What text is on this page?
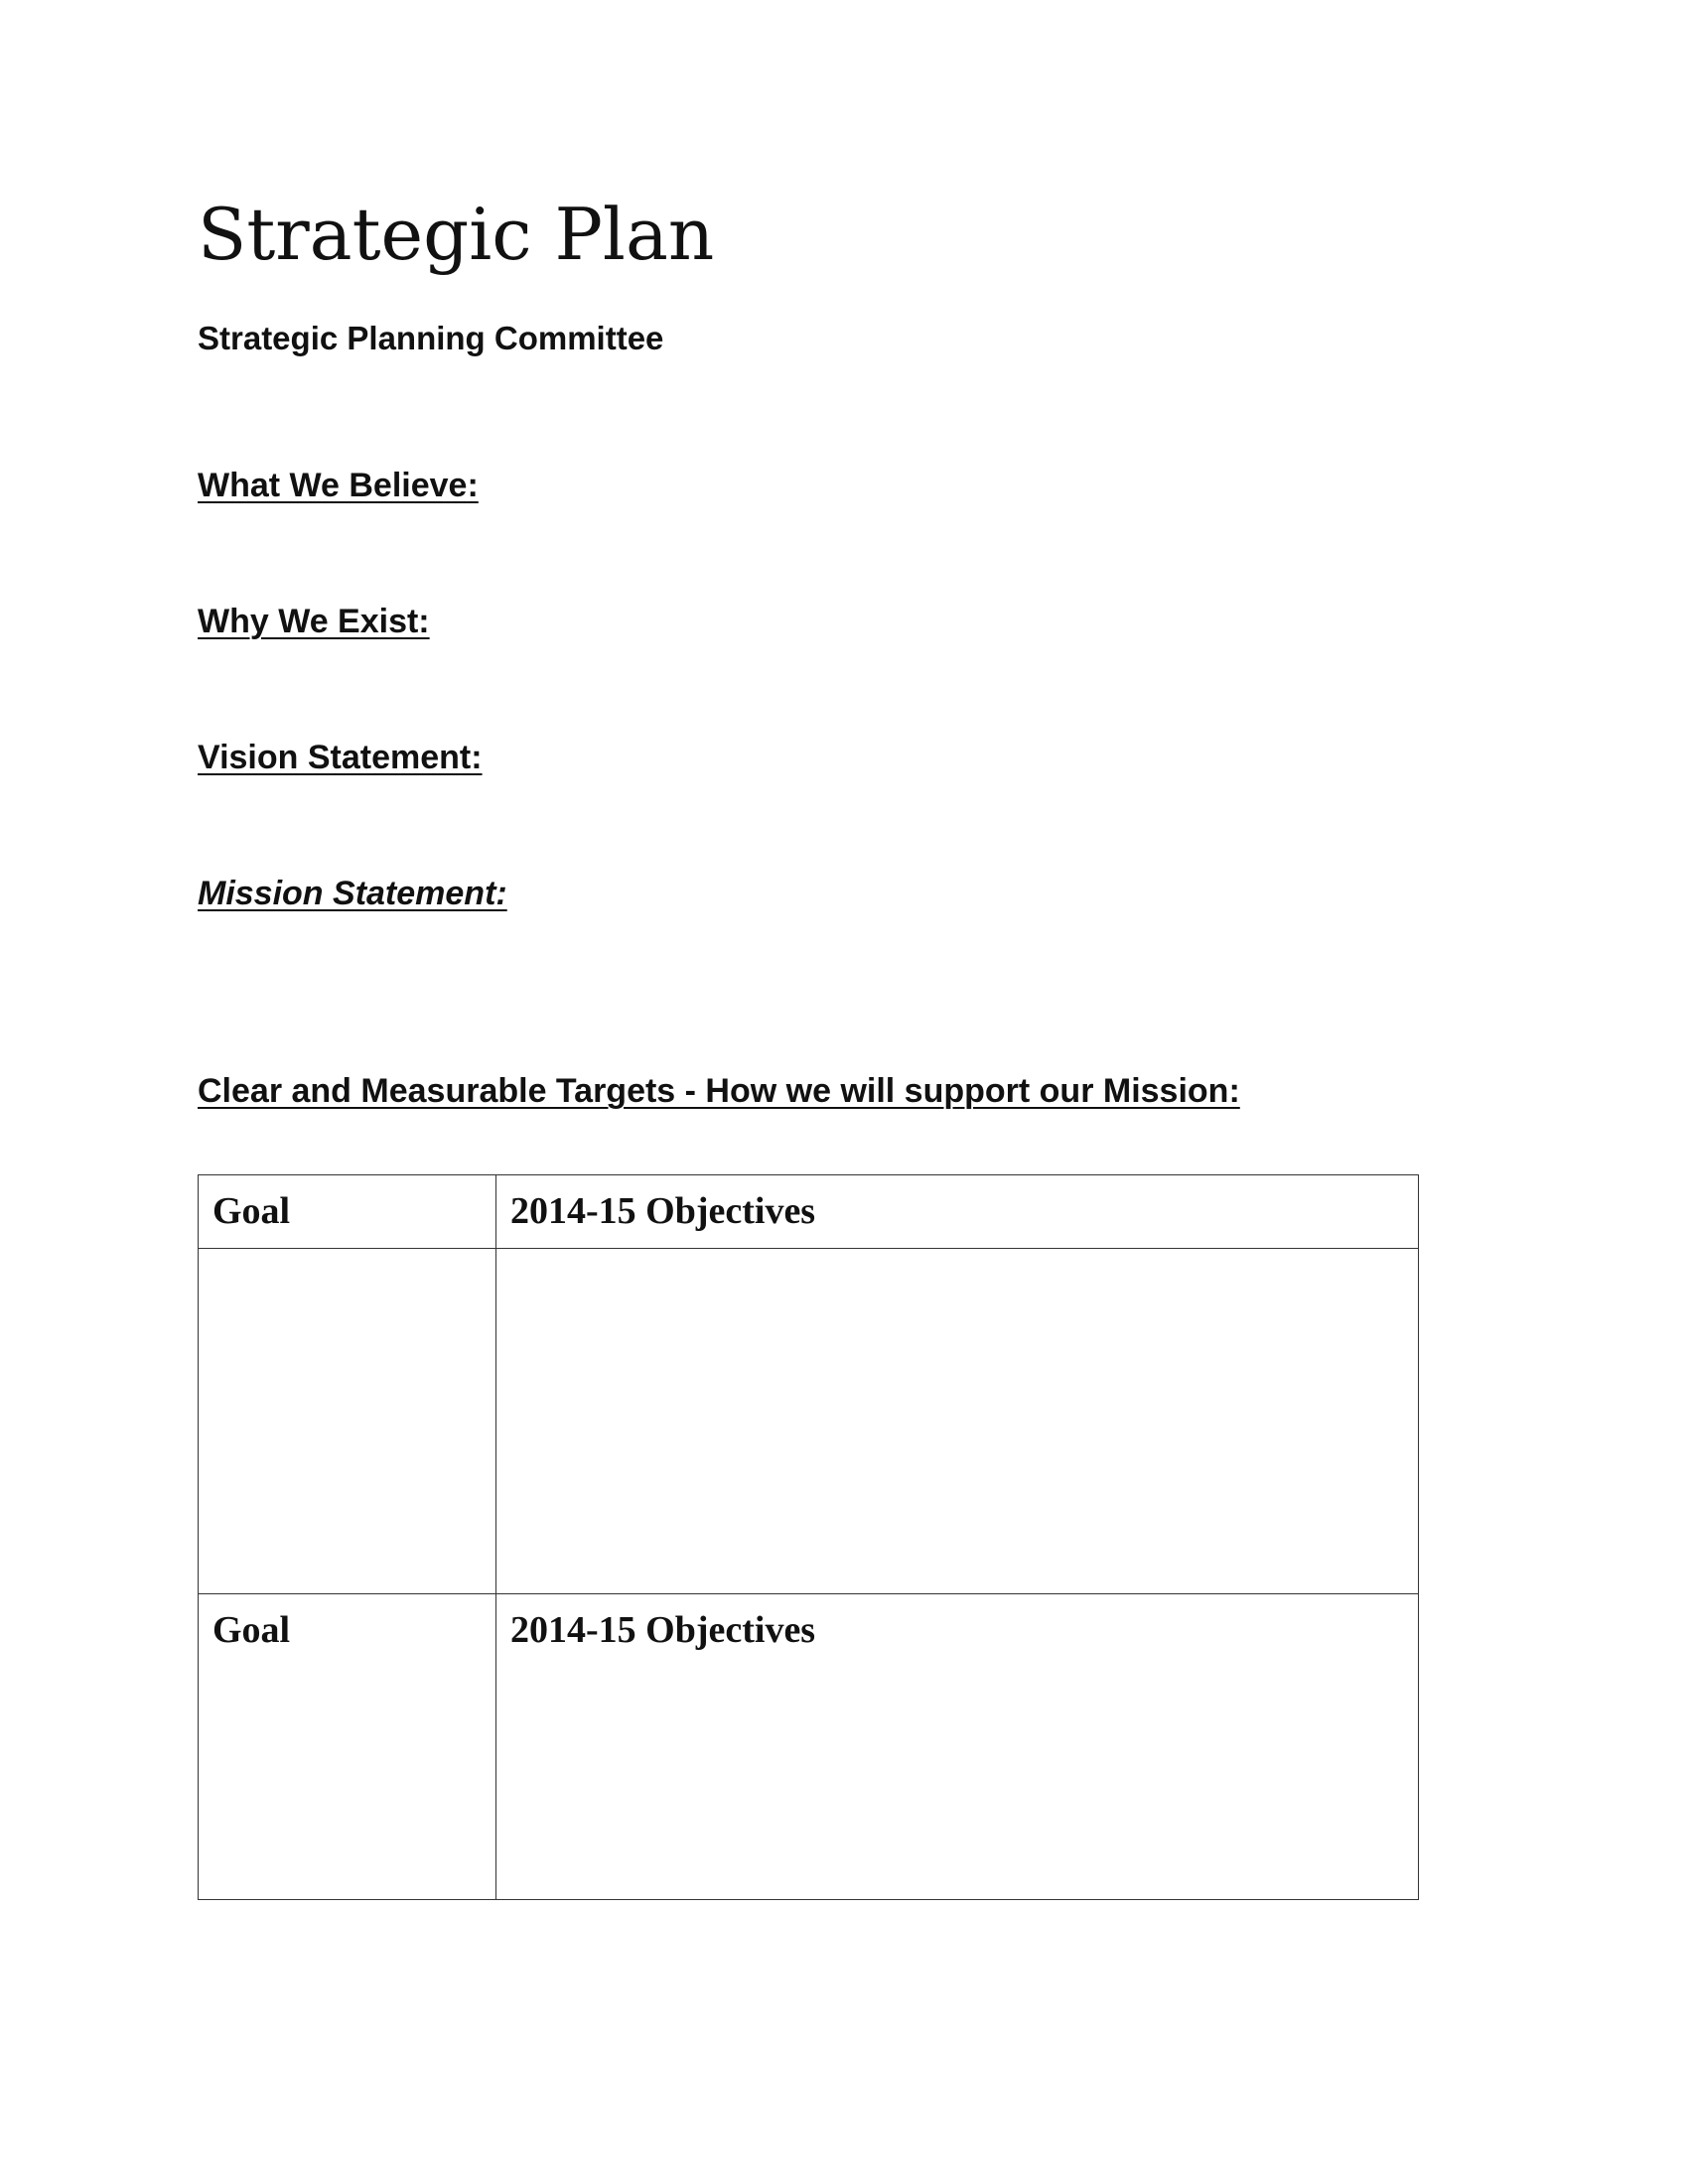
Strategic Plan
Strategic Planning Committee
What We Believe:
Why We Exist:
Vision Statement:
Mission Statement:
Clear and Measurable Targets - How we will support our Mission:
Goal	2014-15 Objectives

Goal	2014-15 Objectives
